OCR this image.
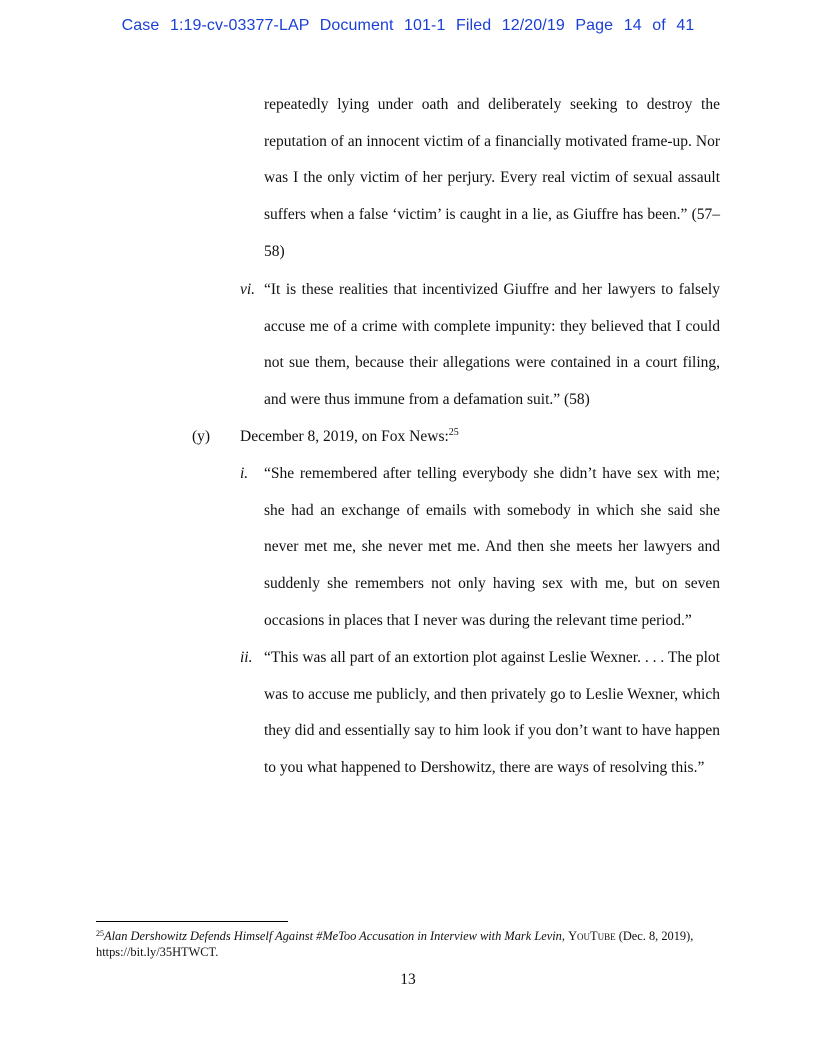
Case 1:19-cv-03377-LAP Document 101-1 Filed 12/20/19 Page 14 of 41

repeatedly lying under oath and deliberately seeking to destroy the reputation of an innocent victim of a financially motivated frame-up. Nor was I the only victim of her perjury. Every real victim of sexual assault suffers when a false ‘victim’ is caught in a lie, as Giuffre has been.” (57–58)

vi. “It is these realities that incentivized Giuffre and her lawyers to falsely accuse me of a crime with complete impunity: they believed that I could not sue them, because their allegations were contained in a court filing, and were thus immune from a defamation suit.” (58)

(y) December 8, 2019, on Fox News:$^{25}$
i. “She remembered after telling everybody she didn’t have sex with me; she had an exchange of emails with somebody in which she said she never met me, she never met me. And then she meets her lawyers and suddenly she remembers not only having sex with me, but on seven occasions in places that I never was during the relevant time period.”

ii. “This was all part of an extortion plot against Leslie Wexner. . . . The plot was to accuse me publicly, and then privately go to Leslie Wexner, which they did and essentially say to him look if you don’t want to have happen to you what happened to Dershowitz, there are ways of resolving this.”

$^{25}$Alan Dershowitz Defends Himself Against #MeToo Accusation in Interview with Mark Levin, YouTube (Dec. 8, 2019), https://bit.ly/35HTWCT.
13
